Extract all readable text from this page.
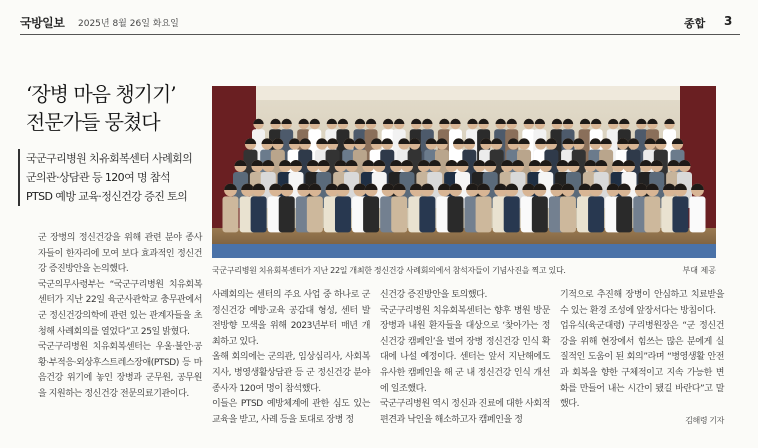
국방일보 2025년 8월 26일 화요일	종합 3
‘장병 마음 챙기기’
전문가들 뭉쳤다
국군구리병원 치유회복센터 사례회의
군의관·상담관 등 120여 명 참석
PTSD 예방 교육·정신건강 증진 토의
국군구리병원 치유회복센터가 지난 22일 개최한 정신건강 사례회의에서 참석자들이 기념사진을 찍고 있다.	부대 제공

군 장병의 정신건강을 위해 관련 분야 종사자들이 한자리에 모여 보다 효과적인 정신건강 증진방안을 논의했다.

국군의무사령부는 “국군구리병원 치유회복센터가 지난 22일 육군사관학교 충무관에서 군 정신건강의학에 관련 있는 관계자들을 초청해 사례회의를 열었다”고 25일 밝혔다.

국군구리병원 치유회복센터는 우울·불안·공황·부적응·외상후스트레스장애(PTSD) 등 마음건강 위기에 놓인 장병과 군무원, 공무원을 지원하는 정신건강 전문의료기관이다.

사례회의는 센터의 주요 사업 중 하나로 군 정신건강 예방·교육 공감대 형성, 센터 발전방향 모색을 위해 2023년부터 매년 개최하고 있다.

올해 회의에는 군의관, 임상심리사, 사회복지사, 병영생활상담관 등 군 정신건강 분야 종사자 120여 명이 참석했다.

이들은 PTSD 예방체계에 관한 심도 있는 교육을 받고, 사례 등을 토대로 장병 정

신건강 증진방안을 토의했다.

국군구리병원 치유회복센터는 향후 병원 방문 장병과 내원 환자들을 대상으로 ‘찾아가는 정신건강 캠페인’을 벌여 장병 정신건강 인식 확대에 나설 예정이다. 센터는 앞서 지난해에도 유사한 캠페인을 해 군 내 정신건강 인식 개선에 일조했다.

국군구리병원 역시 정신과 진료에 대한 사회적 편견과 낙인을 해소하고자 캠페인을 정

기적으로 추진해 장병이 안심하고 치료받을 수 있는 환경 조성에 앞장서다는 방침이다.

업유식(육군대령) 구리병원장은 “군 정신건강을 위해 현장에서 힘쓰는 많은 분에게 실질적인 도움이 된 회의”라며 “병영생활 안전과 회복을 향한 구체적이고 지속 가능한 변화를 만들어 내는 시간이 됐길 바란다”고 말했다.

김해령 기자
